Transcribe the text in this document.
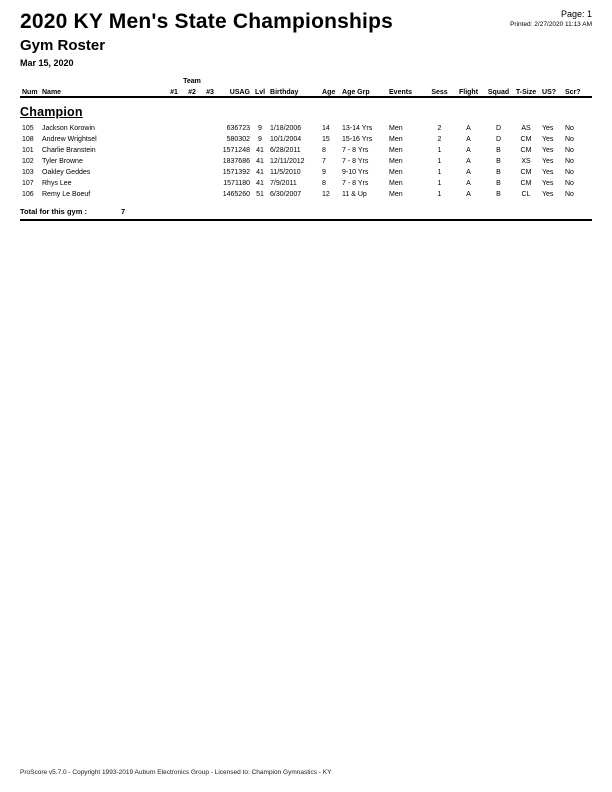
2020 KY Men's State Championships
Gym Roster
Mar 15, 2020
Page: 1
Printed: 2/27/2020 11:13 AM
		Team														
Num	Name	#1	#2	#3	USAG	Lvl	Birthday	Age	Age Grp	Events	Sess	Flight	Squad	T-Size	US?	Scr?
Champion
105	Jackson Korowin				636723	9	1/18/2006	14	13-14 Yrs	Men	2	A	D	AS	Yes	No
108	Andrew Wrightsel				580302	9	10/1/2004	15	15-16 Yrs	Men	2	A	D	CM	Yes	No
101	Charlie Branstein				1571248	41	6/28/2011	8	7 - 8 Yrs	Men	1	A	B	CM	Yes	No
102	Tyler Browne				1837686	41	12/11/2012	7	7 - 8 Yrs	Men	1	A	B	XS	Yes	No
103	Oakley Geddes				1571392	41	11/5/2010	9	9-10 Yrs	Men	1	A	B	CM	Yes	No
107	Rhys Lee				1571180	41	7/9/2011	8	7 - 8 Yrs	Men	1	A	B	CM	Yes	No
106	Remy Le Boeuf				1465260	51	6/30/2007	12	11 & Up	Men	1	A	B	CL	Yes	No
Total for this gym :	7
ProScore v5.7.0 - Copyright 1993-2019 Auburn Electronics Group - Licensed to: Champion Gymnastics - KY
